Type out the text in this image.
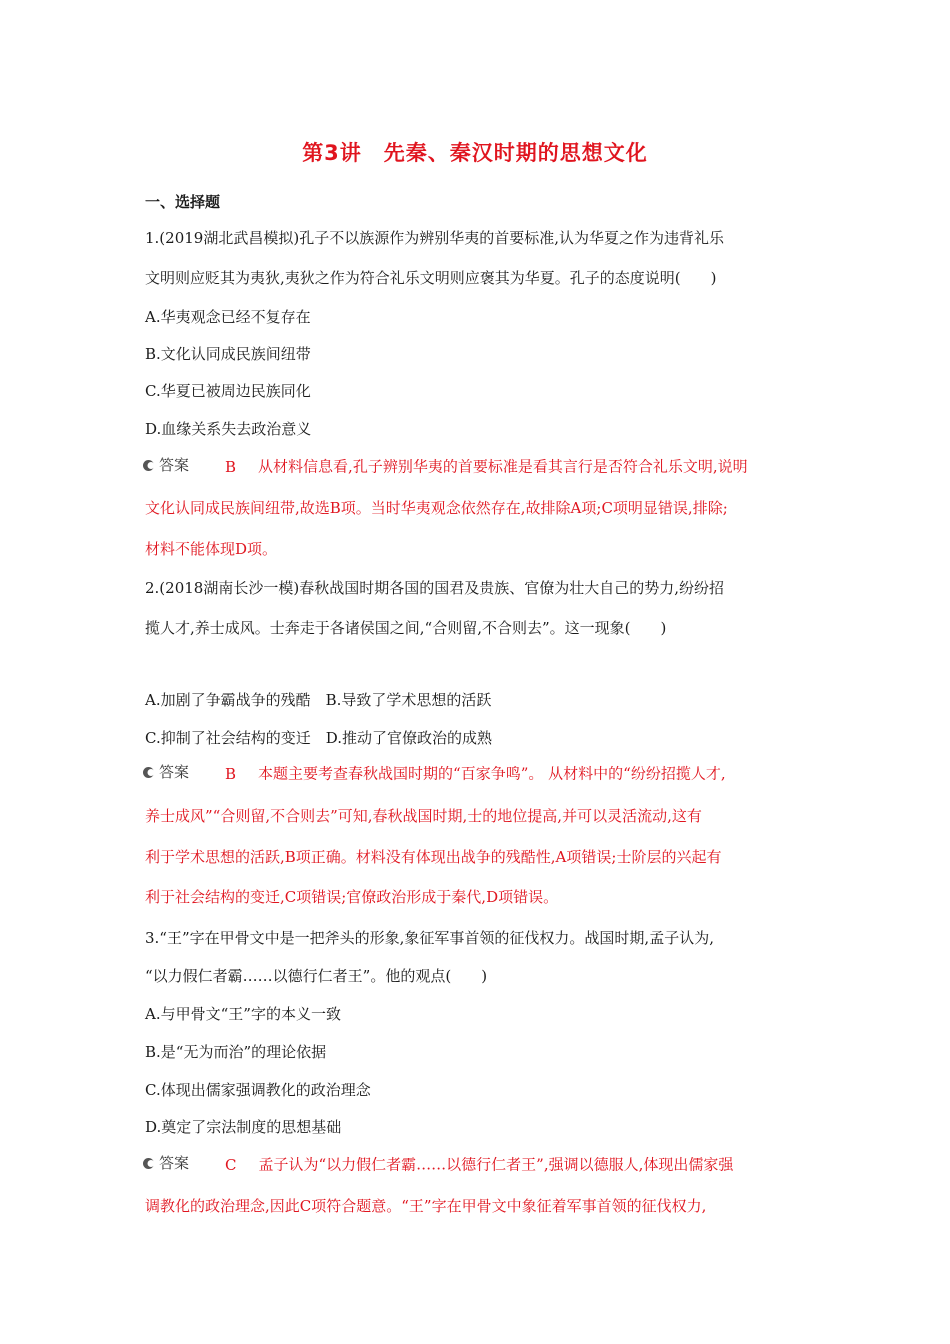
第3讲　先秦、秦汉时期的思想文化
一、选择题
1.(2019湖北武昌模拟)孔子不以族源作为辨别华夷的首要标准,认为华夏之作为违背礼乐
文明则应贬其为夷狄,夷狄之作为符合礼乐文明则应褒其为华夏。孔子的态度说明(　　)
A.华夷观念已经不复存在
B.文化认同成民族间纽带
C.华夏已被周边民族同化
D.血缘关系失去政治意义
答案 B 从材料信息看,孔子辨别华夷的首要标准是看其言行是否符合礼乐文明,说明
文化认同成民族间纽带,故选B项。当时华夷观念依然存在,故排除A项;C项明显错误,排除;
材料不能体现D项。
2.(2018湖南长沙一模)春秋战国时期各国的国君及贵族、官僚为壮大自己的势力,纷纷招
揽人才,养士成风。士奔走于各诸侯国之间,“合则留,不合则去”。这一现象(　　)
A.加剧了争霸战争的残酷　B.导致了学术思想的活跃
C.抑制了社会结构的变迁　D.推动了官僚政治的成熟
答案 B 本题主要考查春秋战国时期的“百家争鸣”。 从材料中的“纷纷招揽人才,
养士成风”“合则留,不合则去”可知,春秋战国时期,士的地位提高,并可以灵活流动,这有
利于学术思想的活跃,B项正确。材料没有体现出战争的残酷性,A项错误;士阶层的兴起有
利于社会结构的变迁,C项错误;官僚政治形成于秦代,D项错误。
3.“王”字在甲骨文中是一把斧头的形象,象征军事首领的征伐权力。战国时期,孟子认为,
“以力假仁者霸……以德行仁者王”。他的观点(　　)
A.与甲骨文“王”字的本义一致
B.是“无为而治”的理论依据
C.体现出儒家强调教化的政治理念
D.奠定了宗法制度的思想基础
答案 C 孟子认为“以力假仁者霸……以德行仁者王”,强调以德服人,体现出儒家强
调教化的政治理念,因此C项符合题意。“王”字在甲骨文中象征着军事首领的征伐权力,
